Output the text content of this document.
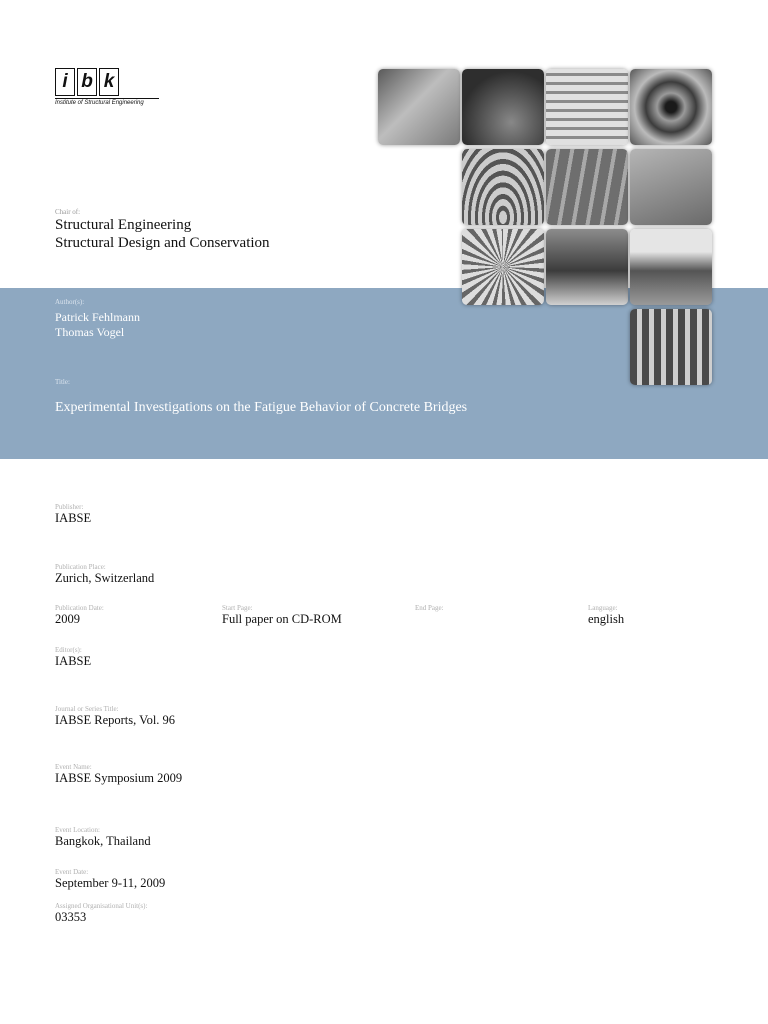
i b k
Institute of Structural Engineering
Chair of:
Structural Engineering
Structural Design and Conservation
Author(s):
Patrick Fehlmann
Thomas Vogel
Title:
Experimental Investigations on the Fatigue Behavior of Concrete Bridges
Publisher:
IABSE
Publication Place:
Zurich, Switzerland
Publication Date:
2009
Start Page:
Full paper on CD-ROM
End Page:	Language:
english
Editor(s):
IABSE
Journal or Series Title:
IABSE Reports, Vol. 96
Event Name:
IABSE Symposium 2009
Event Location:
Bangkok, Thailand
Event Date:
September 9-11, 2009
Assigned Organisational Unit(s):
03353
